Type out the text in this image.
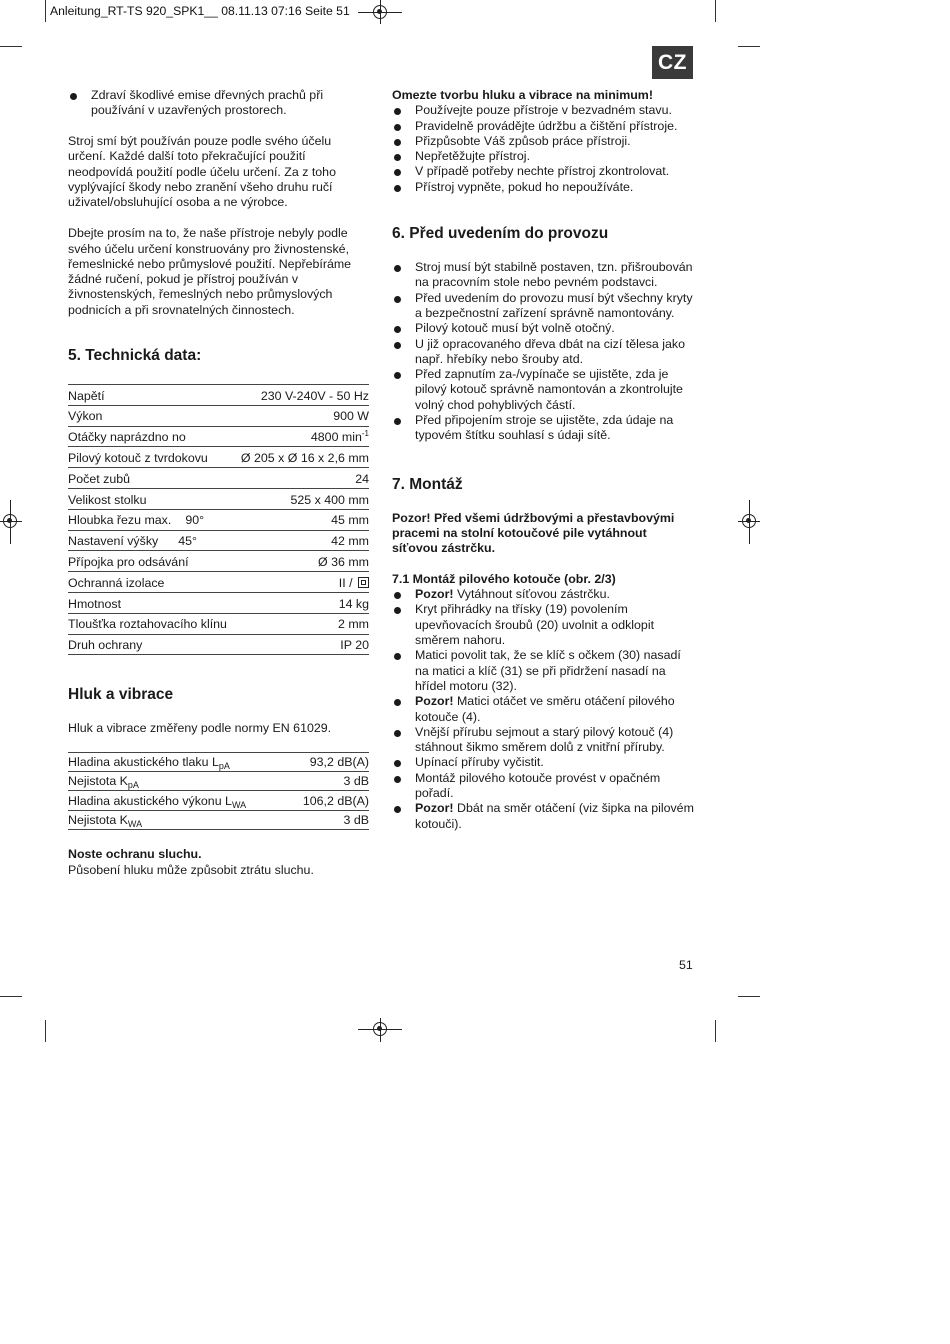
Anleitung_RT-TS 920_SPK1__ 08.11.13 07:16 Seite 51
CZ
Zdraví škodlivé emise dřevných prachů při používání v uzavřených prostorech.

Stroj smí být používán pouze podle svého účelu určení. Každé další toto překračující použití neodpovídá použití podle účelu určení. Za z toho vyplývající škody nebo zranění všeho druhu ručí uživatel/obsluhující osoba a ne výrobce.

Dbejte prosím na to, že naše přístroje nebyly podle svého účelu určení konstruovány pro živnostenské, řemeslnické nebo průmyslové použití. Nepřebíráme žádné ručení, pokud je přístroj používán v živnostenských, řemeslných nebo průmyslových podnicích a při srovnatelných činnostech.

5. Technická data:
Napětí	230 V-240V - 50 Hz
Výkon	900 W
Otáčky naprázdno no	4800 $\min^{-1}$
Pilový kotouč z tvrdokovu	Ø 205 x Ø 16 x 2,6 mm
Počet zubů	24
Velikost stolku	525 x 400 mm
Hloubka řezu max. 90°	45 mm
Nastavení výšky 45°	42 mm
Přípojka pro odsávání	Ø 36 mm
Ochranná izolace	II /
Hmotnost	14 kg
Tloušťka roztahovacího klínu	2 mm
Druh ochrany	IP 20
Hluk a vibrace

Hluk a vibrace změřeny podle normy EN 61029.

Hladina akustického tlaku $L_{pA}$	93,2 dB(A)
Nejistota $K_{pA}$	3 dB
Hladina akustického výkonu $L_{WA}$	106,2 dB(A)
Nejistota $K_{WA}$	3 dB

Noste ochranu sluchu.

Působení hluku může způsobit ztrátu sluchu.

Omezte tvorbu hluku a vibrace na minimum!

Používejte pouze přístroje v bezvadném stavu.
Pravidelně provádějte údržbu a čištění přístroje.
Přizpůsobte Váš způsob práce přístroji.
Nepřetěžujte přístroj.
V případě potřeby nechte přístroj zkontrolovat.
Přístroj vypněte, pokud ho nepoužíváte.
6. Před uvedením do provozu
Stroj musí být stabilně postaven, tzn. přišroubován na pracovním stole nebo pevném podstavci.
Před uvedením do provozu musí být všechny kryty a bezpečnostní zařízení správně namontovány.
Pilový kotouč musí být volně otočný.
U již opracovaného dřeva dbát na cizí tělesa jako např. hřebíky nebo šrouby atd.
Před zapnutím za-/vypínače se ujistěte, zda je pilový kotouč správně namontován a zkontrolujte volný chod pohyblivých částí.
Před připojením stroje se ujistěte, zda údaje na typovém štítku souhlasí s údaji sítě.
7. Montáž

Pozor! Před všemi údržbovými a přestavbovými pracemi na stolní kotoučové pile vytáhnout síťovou zástrčku.

7.1 Montáž pilového kotouče (obr. 2/3)

Pozor! Vytáhnout síťovou zástrčku.
Kryt přihrádky na třísky (19) povolením upevňovacích šroubů (20) uvolnit a odklopit směrem nahoru.
Matici povolit tak, že se klíč s očkem (30) nasadí na matici a klíč (31) se při přidržení nasadí na hřídel motoru (32).
Pozor! Matici otáčet ve směru otáčení pilového kotouče (4).
Vnější přírubu sejmout a starý pilový kotouč (4) stáhnout šikmo směrem dolů z vnitřní příruby.
Upínací příruby vyčistit.
Montáž pilového kotouče provést v opačném pořadí.
Pozor! Dbát na směr otáčení (viz šipka na pilovém kotouči).
51
